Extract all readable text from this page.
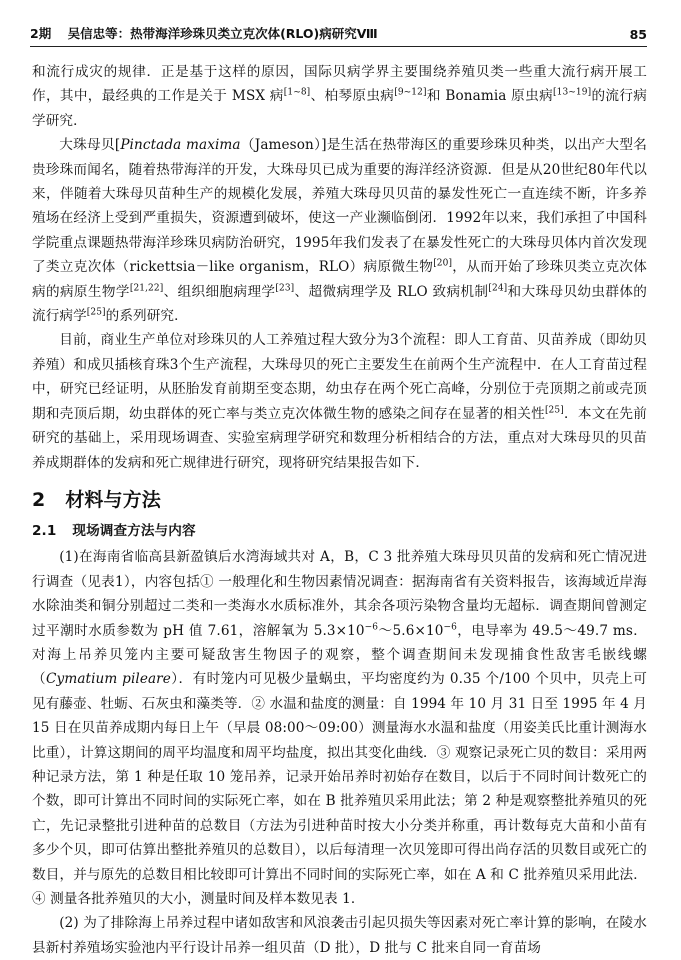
2期 吴信忠等：热带海洋珍珠贝类立克次体(RLO)病研究Ⅷ	85

和流行成灾的规律．正是基于这样的原因，国际贝病学界主要围绕养殖贝类一些重大流行病开展工作，其中，最经典的工作是关于 MSX 病[1~8]、柏琴原虫病[9~12]和 Bonamia 原虫病[13~19]的流行病学研究．

大珠母贝[Pinctada maxima（Jameson）]是生活在热带海区的重要珍珠贝种类，以出产大型名贵珍珠而闻名，随着热带海洋的开发，大珠母贝已成为重要的海洋经济资源．但是从20世纪80年代以来，伴随着大珠母贝苗种生产的规模化发展，养殖大珠母贝贝苗的暴发性死亡一直连续不断，许多养殖场在经济上受到严重损失，资源遭到破坏，使这一产业濒临倒闭．1992年以来，我们承担了中国科学院重点课题热带海洋珍珠贝病防治研究，1995年我们发表了在暴发性死亡的大珠母贝体内首次发现了类立克次体（rickettsia－like organism，RLO）病原微生物[20]，从而开始了珍珠贝类立克次体病的病原生物学[21,22]、组织细胞病理学[23]、超微病理学及 RLO 致病机制[24]和大珠母贝幼虫群体的流行病学[25]的系列研究．

目前，商业生产单位对珍珠贝的人工养殖过程大致分为3个流程：即人工育苗、贝苗养成（即幼贝养殖）和成贝插核育珠3个生产流程，大珠母贝的死亡主要发生在前两个生产流程中．在人工育苗过程中，研究已经证明，从胚胎发育前期至变态期，幼虫存在两个死亡高峰，分别位于壳顶期之前或壳顶期和壳顶后期，幼虫群体的死亡率与类立克次体微生物的感染之间存在显著的相关性[25]．本文在先前研究的基础上，采用现场调查、实验室病理学研究和数理分析相结合的方法，重点对大珠母贝的贝苗养成期群体的发病和死亡规律进行研究，现将研究结果报告如下．

2 材料与方法
2.1 现场调查方法与内容

(1)在海南省临高县新盈镇后水湾海域共对 A，B，C 3 批养殖大珠母贝贝苗的发病和死亡情况进行调查（见表1），内容包括① 一般理化和生物因素情况调查：据海南省有关资料报告，该海域近岸海水除油类和铜分别超过二类和一类海水水质标准外，其余各项污染物含量均无超标．调查期间曾测定过平潮时水质参数为 pH 值 7.61，溶解氧为 $5.3\times 10^{-6}\sim 5.6\times 10^{-6}$，电导率为 49.5～49.7 ms．对海上吊养贝笼内主要可疑敌害生物因子的观察，整个调查期间未发现捕食性敌害毛嵌线螺（Cymatium pileare）．有时笼内可见极少量蜗虫，平均密度约为 0.35 个/100 个贝中，贝壳上可见有藤壶、牡蛎、石灰虫和藻类等．② 水温和盐度的测量：自 1994 年 10 月 31 日至 1995 年 4 月 15 日在贝苗养成期内每日上午（早晨 08:00～09:00）测量海水水温和盐度（用姿美氏比重计测海水比重），计算这期间的周平均温度和周平均盐度，拟出其变化曲线．③ 观察记录死亡贝的数目：采用两种记录方法，第 1 种是任取 10 笼吊养，记录开始吊养时初始存在数目，以后于不同时间计数死亡的个数，即可计算出不同时间的实际死亡率，如在 B 批养殖贝采用此法；第 2 种是观察整批养殖贝的死亡，先记录整批引进种苗的总数目（方法为引进种苗时按大小分类并称重，再计数每克大苗和小苗有多少个贝，即可估算出整批养殖贝的总数目），以后每清理一次贝笼即可得出尚存活的贝数目或死亡的数目，并与原先的总数目相比较即可计算出不同时间的实际死亡率，如在 A 和 C 批养殖贝采用此法．④ 测量各批养殖贝的大小，测量时间及样本数见表 1．

(2) 为了排除海上吊养过程中诸如敌害和风浪袭击引起贝损失等因素对死亡率计算的影响，在陵水县新村养殖场实验池内平行设计吊养一组贝苗（D 批），D 批与 C 批来自同一育苗场
